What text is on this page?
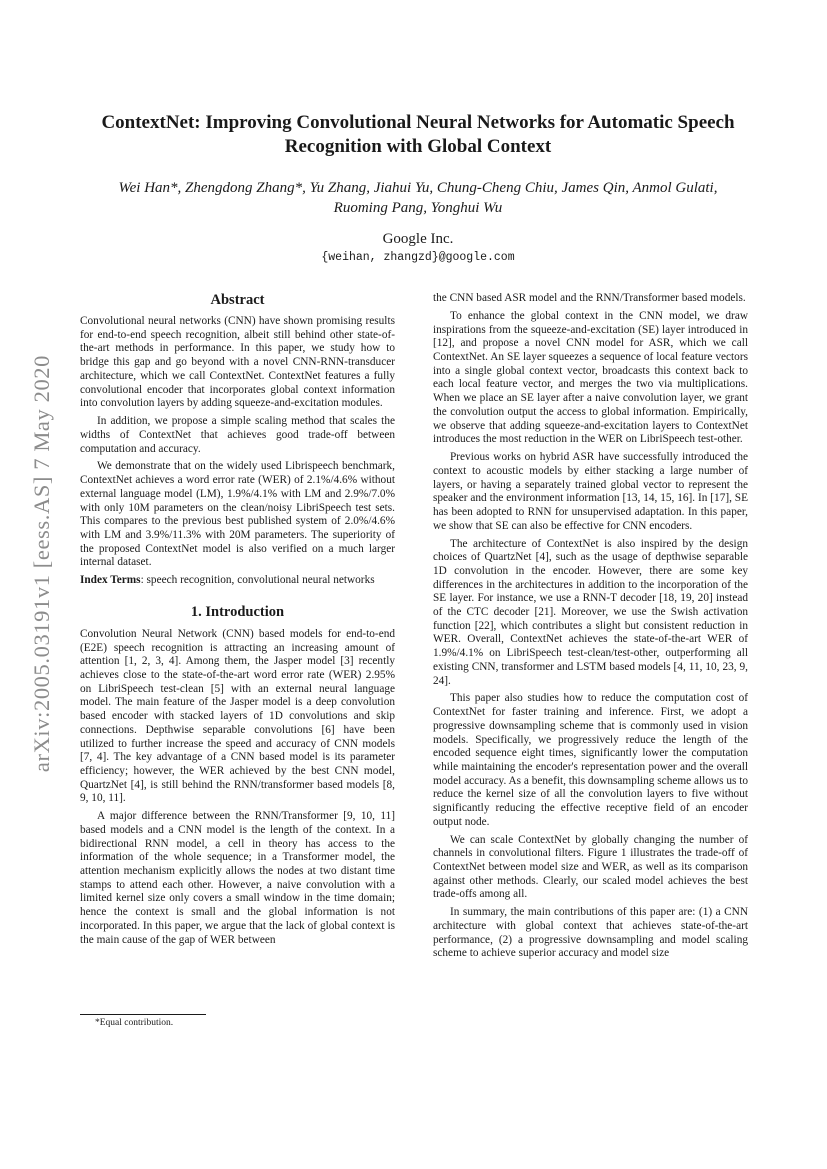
arXiv:2005.03191v1 [eess.AS] 7 May 2020
ContextNet: Improving Convolutional Neural Networks for Automatic Speech
Recognition with Global Context
Wei Han*, Zhengdong Zhang*, Yu Zhang, Jiahui Yu, Chung-Cheng Chiu, James Qin, Anmol Gulati,
Ruoming Pang, Yonghui Wu
Google Inc.
{weihan, zhangzd}@google.com
Abstract

Convolutional neural networks (CNN) have shown promising results for end-to-end speech recognition, albeit still behind other state-of-the-art methods in performance. In this paper, we study how to bridge this gap and go beyond with a novel CNN-RNN-transducer architecture, which we call ContextNet. ContextNet features a fully convolutional encoder that incorporates global context information into convolution layers by adding squeeze-and-excitation modules.

In addition, we propose a simple scaling method that scales the widths of ContextNet that achieves good trade-off between computation and accuracy.

We demonstrate that on the widely used Librispeech benchmark, ContextNet achieves a word error rate (WER) of 2.1%/4.6% without external language model (LM), 1.9%/4.1% with LM and 2.9%/7.0% with only 10M parameters on the clean/noisy LibriSpeech test sets. This compares to the previous best published system of 2.0%/4.6% with LM and 3.9%/11.3% with 20M parameters. The superiority of the proposed ContextNet model is also verified on a much larger internal dataset.

Index Terms: speech recognition, convolutional neural networks

1. Introduction

Convolution Neural Network (CNN) based models for end-to-end (E2E) speech recognition is attracting an increasing amount of attention [1, 2, 3, 4]. Among them, the Jasper model [3] recently achieves close to the state-of-the-art word error rate (WER) 2.95% on LibriSpeech test-clean [5] with an external neural language model. The main feature of the Jasper model is a deep convolution based encoder with stacked layers of 1D convolutions and skip connections. Depthwise separable convolutions [6] have been utilized to further increase the speed and accuracy of CNN models [7, 4]. The key advantage of a CNN based model is its parameter efficiency; however, the WER achieved by the best CNN model, QuartzNet [4], is still behind the RNN/transformer based models [8, 9, 10, 11].

A major difference between the RNN/Transformer [9, 10, 11] based models and a CNN model is the length of the context. In a bidirectional RNN model, a cell in theory has access to the information of the whole sequence; in a Transformer model, the attention mechanism explicitly allows the nodes at two distant time stamps to attend each other. However, a naive convolution with a limited kernel size only covers a small window in the time domain; hence the context is small and the global information is not incorporated. In this paper, we argue that the lack of global context is the main cause of the gap of WER between

the CNN based ASR model and the RNN/Transformer based models.

To enhance the global context in the CNN model, we draw inspirations from the squeeze-and-excitation (SE) layer introduced in [12], and propose a novel CNN model for ASR, which we call ContextNet. An SE layer squeezes a sequence of local feature vectors into a single global context vector, broadcasts this context back to each local feature vector, and merges the two via multiplications. When we place an SE layer after a naive convolution layer, we grant the convolution output the access to global information. Empirically, we observe that adding squeeze-and-excitation layers to ContextNet introduces the most reduction in the WER on LibriSpeech test-other.

Previous works on hybrid ASR have successfully introduced the context to acoustic models by either stacking a large number of layers, or having a separately trained global vector to represent the speaker and the environment information [13, 14, 15, 16]. In [17], SE has been adopted to RNN for unsupervised adaptation. In this paper, we show that SE can also be effective for CNN encoders.

The architecture of ContextNet is also inspired by the design choices of QuartzNet [4], such as the usage of depthwise separable 1D convolution in the encoder. However, there are some key differences in the architectures in addition to the incorporation of the SE layer. For instance, we use a RNN-T decoder [18, 19, 20] instead of the CTC decoder [21]. Moreover, we use the Swish activation function [22], which contributes a slight but consistent reduction in WER. Overall, ContextNet achieves the state-of-the-art WER of 1.9%/4.1% on LibriSpeech test-clean/test-other, outperforming all existing CNN, transformer and LSTM based models [4, 11, 10, 23, 9, 24].

This paper also studies how to reduce the computation cost of ContextNet for faster training and inference. First, we adopt a progressive downsampling scheme that is commonly used in vision models. Specifically, we progressively reduce the length of the encoded sequence eight times, significantly lower the computation while maintaining the encoder's representation power and the overall model accuracy. As a benefit, this downsampling scheme allows us to reduce the kernel size of all the convolution layers to five without significantly reducing the effective receptive field of an encoder output node.

We can scale ContextNet by globally changing the number of channels in convolutional filters. Figure 1 illustrates the trade-off of ContextNet between model size and WER, as well as its comparison against other methods. Clearly, our scaled model achieves the best trade-offs among all.

In summary, the main contributions of this paper are: (1) a CNN architecture with global context that achieves state-of-the-art performance, (2) a progressive downsampling and model scaling scheme to achieve superior accuracy and model size

*Equal contribution.
